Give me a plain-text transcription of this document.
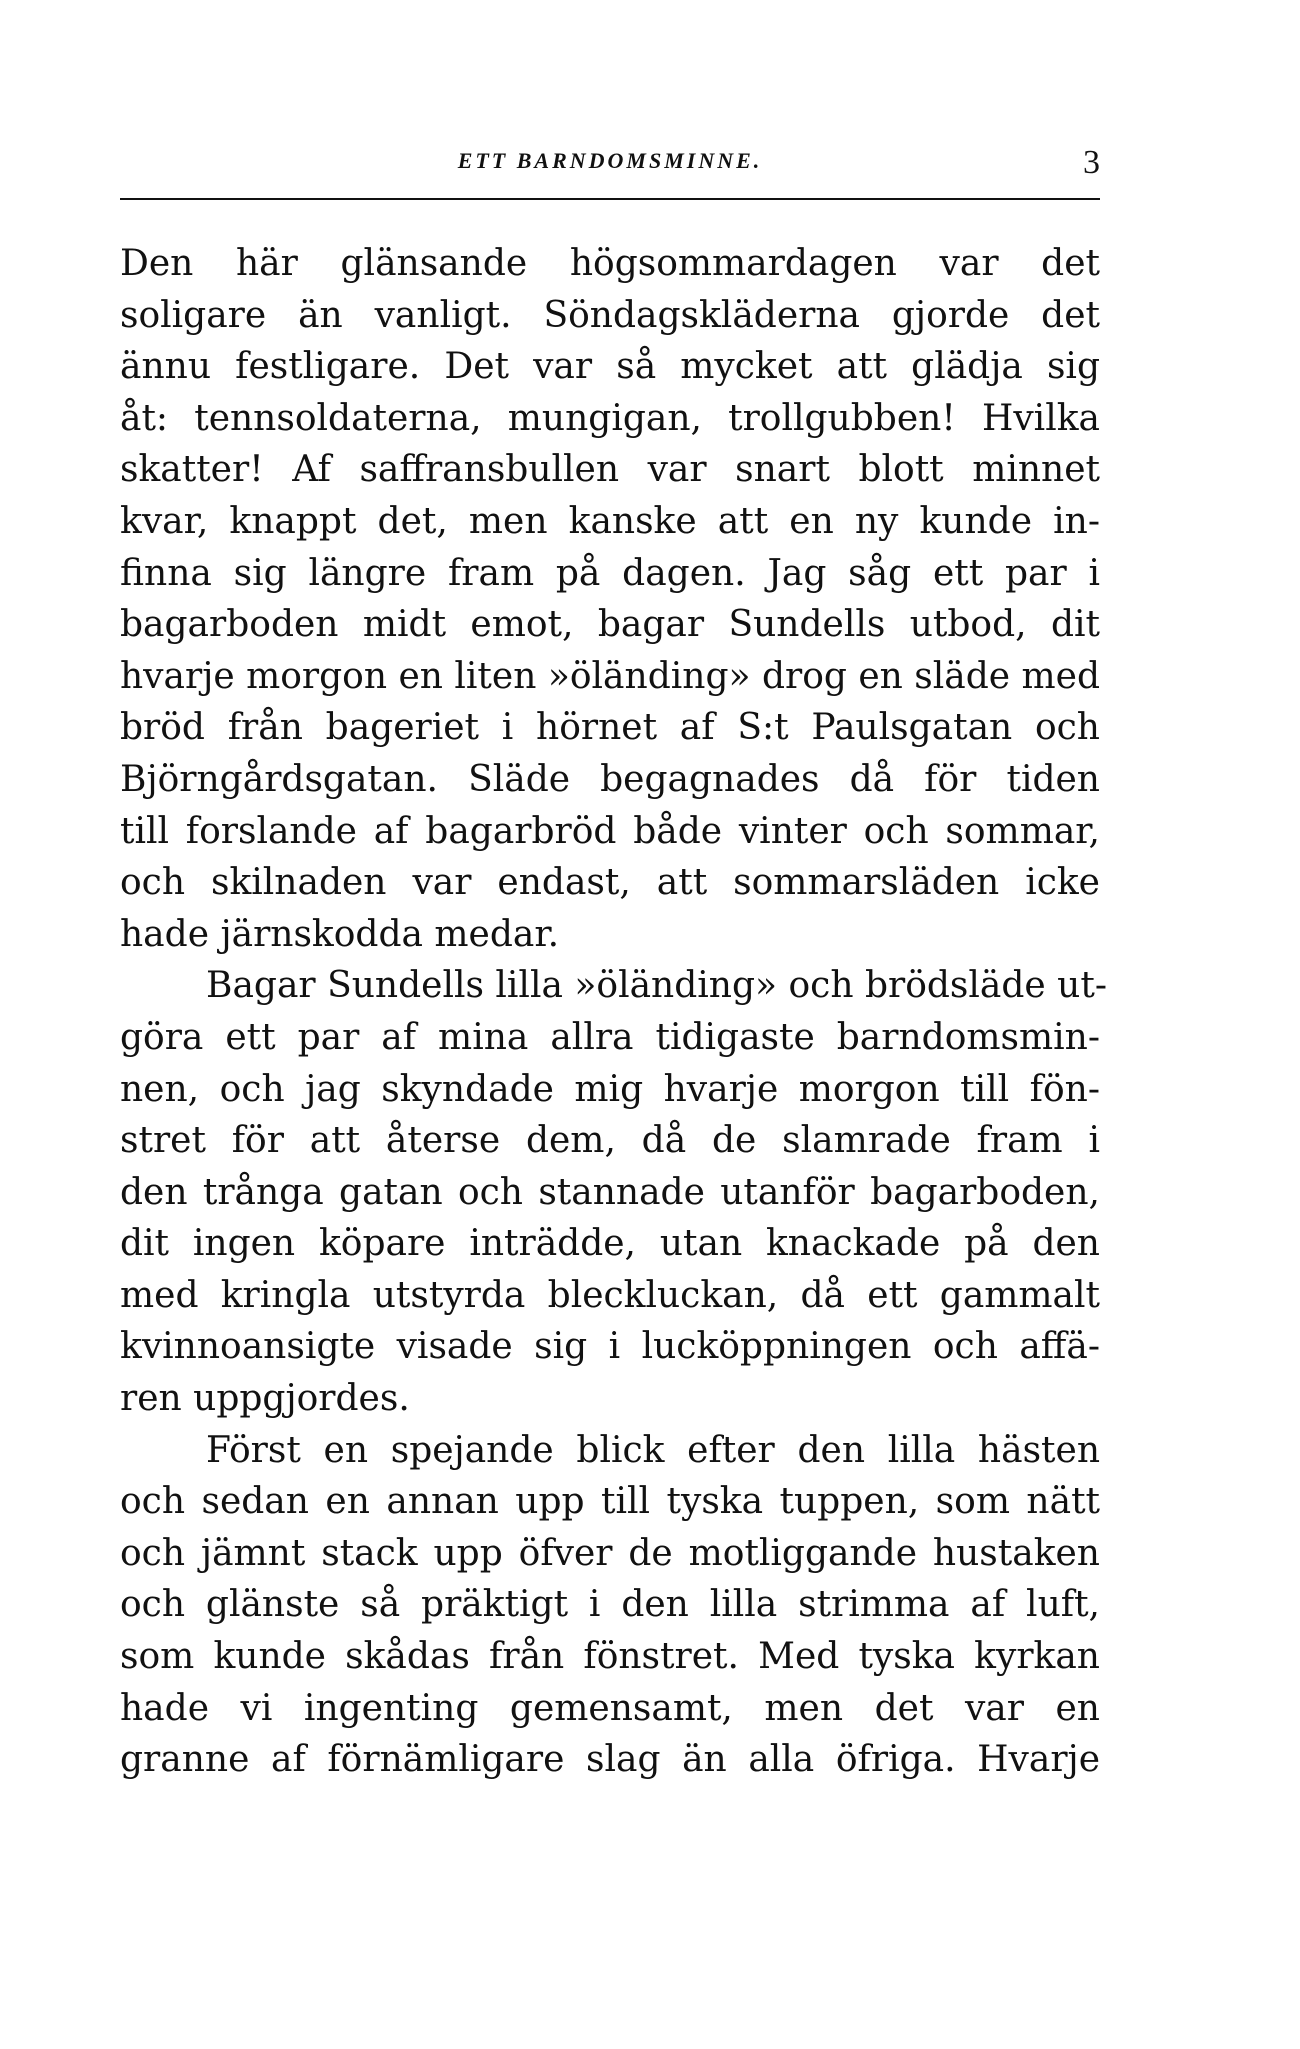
ETT BARNDOMSMINNE.	3
Den här glänsande högsommardagen var det
soligare än vanligt. Söndagskläderna gjorde det
ännu festligare. Det var så mycket att glädja sig
åt: tennsoldaterna, mungigan, trollgubben! Hvilka
skatter! Af saffransbullen var snart blott minnet
kvar, knappt det, men kanske att en ny kunde in-
finna sig längre fram på dagen. Jag såg ett par i
bagarboden midt emot, bagar Sundells utbod, dit
hvarje morgon en liten »öländing» drog en släde med
bröd från bageriet i hörnet af S:t Paulsgatan och
Björngårdsgatan. Släde begagnades då för tiden
till forslande af bagarbröd både vinter och sommar,
och skilnaden var endast, att sommarsläden icke
hade järnskodda medar.
Bagar Sundells lilla »öländing» och brödsläde ut-
göra ett par af mina allra tidigaste barndomsmin-
nen, och jag skyndade mig hvarje morgon till fön-
stret för att återse dem, då de slamrade fram i
den trånga gatan och stannade utanför bagarboden,
dit ingen köpare inträdde, utan knackade på den
med kringla utstyrda bleckluckan, då ett gammalt
kvinnoansigte visade sig i lucköppningen och affä-
ren uppgjordes.
Först en spejande blick efter den lilla hästen
och sedan en annan upp till tyska tuppen, som nätt
och jämnt stack upp öfver de motliggande hustaken
och glänste så präktigt i den lilla strimma af luft,
som kunde skådas från fönstret. Med tyska kyrkan
hade vi ingenting gemensamt, men det var en
granne af förnämligare slag än alla öfriga. Hvarje
